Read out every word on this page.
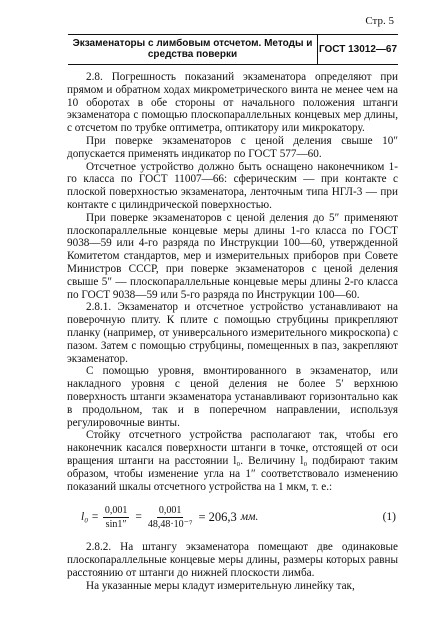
Стр. 5
Экзаменаторы с лимбовым отсчетом. Методы и средства поверки	ГОСТ 13012—67

2.8. Погрешность показаний экзаменатора определяют при прямом и обратном ходах микрометрического винта не менее чем на 10 оборотах в обе стороны от начального положения штанги экзаменатора с помощью плоскопараллельных концевых мер длины, с отсчетом по трубке оптиметра, оптикатору или микрокатору.

При поверке экзаменаторов с ценой деления свыше 10″ допускается применять индикатор по ГОСТ 577—60.

Отсчетное устройство должно быть оснащено наконечником 1-го класса по ГОСТ 11007—66: сферическим — при контакте с плоской поверхностью экзаменатора, ленточным типа НГЛ-3 — при контакте с цилиндрической поверхностью.

При поверке экзаменаторов с ценой деления до 5″ применяют плоскопараллельные концевые меры длины 1-го класса по ГОСТ 9038—59 или 4-го разряда по Инструкции 100—60, утвержденной Комитетом стандартов, мер и измерительных приборов при Совете Министров СССР, при поверке экзаменаторов с ценой деления свыше 5″ — плоскопараллельные концевые меры длины 2-го класса по ГОСТ 9038—59 или 5-го разряда по Инструкции 100—60.

2.8.1. Экзаменатор и отсчетное устройство устанавливают на поверочную плиту. К плите с помощью струбцины прикрепляют планку (например, от универсального измерительного микроскопа) с пазом. Затем с помощью струбцины, помещенных в паз, закрепляют экзаменатор.

С помощью уровня, вмонтированного в экзаменатор, или накладного уровня с ценой деления не более 5′ верхнюю поверхность штанги экзаменатора устанавливают горизонтально как в продольном, так и в поперечном направлении, используя регулировочные винты.

Стойку отсчетного устройства располагают так, чтобы его наконечник касался поверхности штанги в точке, отстоящей от оси вращения штанги на расстоянии l₀. Величину l₀ подбирают таким образом, чтобы изменение угла на 1″ соответствовало изменению показаний шкалы отсчетного устройства на 1 мкм, т. е.:

$l_0 = \frac{0,001}{\sin 1''} = \frac{0,001}{\text{48,48·10⁻⁷}} = 206,3$ мм.	(1)

2.8.2. На штангу экзаменатора помещают две одинаковые плоскопараллельные концевые меры длины, размеры которых равны расстоянию от штанги до нижней плоскости лимба.

На указанные меры кладут измерительную линейку так,
